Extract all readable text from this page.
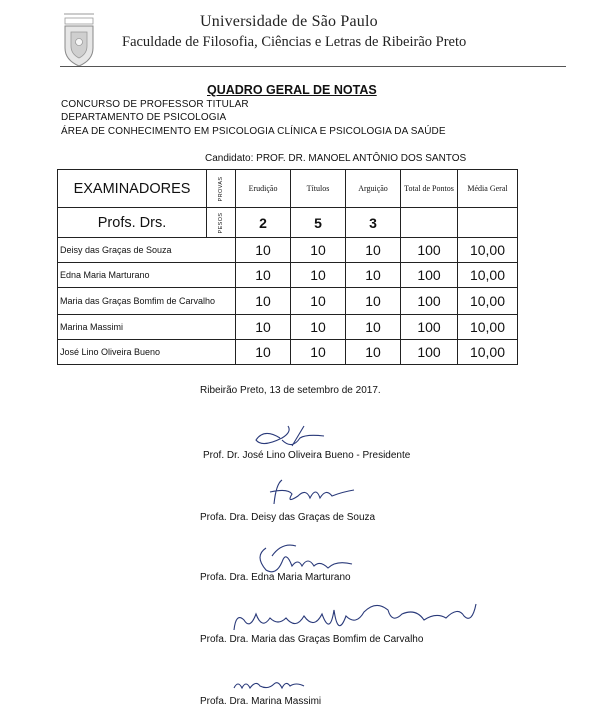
Universidade de São Paulo
Faculdade de Filosofia, Ciências e Letras de Ribeirão Preto
QUADRO GERAL DE NOTAS
CONCURSO DE PROFESSOR TITULAR
DEPARTAMENTO DE PSICOLOGIA
ÁREA DE CONHECIMENTO EM PSICOLOGIA CLÍNICA E PSICOLOGIA DA SAÚDE
Candidato: PROF. DR. MANOEL ANTÔNIO DOS SANTOS
EXAMINADORES	PROVAS	Erudição	Títulos	Arguição	Total de Pontos	Média Geral
Profs. Drs.	PESOS	2	5	3		
Deisy das Graças de Souza		10	10	10	100	10,00
Edna Maria Marturano		10	10	10	100	10,00
Maria das Graças Bomfim de Carvalho		10	10	10	100	10,00
Marina Massimi		10	10	10	100	10,00
José Lino Oliveira Bueno		10	10	10	100	10,00
Ribeirão Preto, 13 de setembro de 2017.
Prof. Dr. José Lino Oliveira Bueno - Presidente
Profa. Dra. Deisy das Graças de Souza
Profa. Dra. Edna Maria Marturano
Profa. Dra. Maria das Graças Bomfim de Carvalho
Profa. Dra. Marina Massimi
